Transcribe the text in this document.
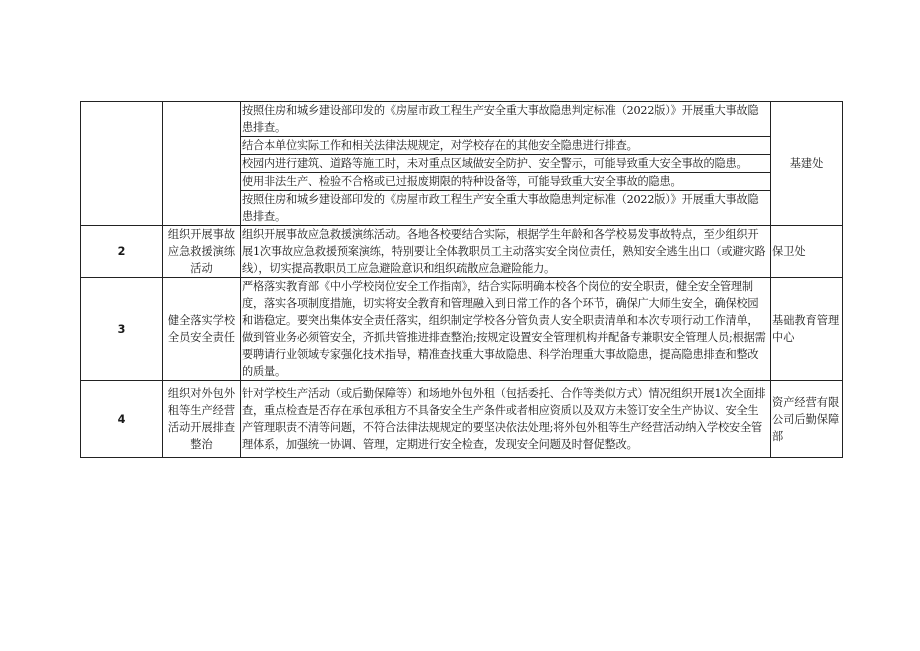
		按照住房和城乡建设部印发的《房屋市政工程生产安全重大事故隐患判定标准（2022版）》开展重大事故隐患排查。	基建处
		结合本单位实际工作和相关法律法规规定，对学校存在的其他安全隐患进行排查。	
		校园内进行建筑、道路等施工时，未对重点区域做安全防护、安全警示，可能导致重大安全事故的隐患。	
		使用非法生产、检验不合格或已过报废期限的特种设备等，可能导致重大安全事故的隐患。	
		按照住房和城乡建设部印发的《房屋市政工程生产安全重大事故隐患判定标准（2022版）》开展重大事故隐患排查。	
2	组织开展事故应急救援演练活动	组织开展事故应急救援演练活动。各地各校要结合实际，根据学生年龄和各学校易发事故特点，至少组织开展1次事故应急救援预案演练，特别要让全体教职员工主动落实安全岗位责任，熟知安全逃生出口（或避灾路线），切实提高教职员工应急避险意识和组织疏散应急避险能力。	保卫处
3	健全落实学校全员安全责任	严格落实教育部《中小学校岗位安全工作指南》，结合实际明确本校各个岗位的安全职责，健全安全管理制度，落实各项制度措施，切实将安全教育和管理融入到日常工作的各个环节，确保广大师生安全，确保校园和谐稳定。要突出集体安全责任落实，组织制定学校各分管负责人安全职责清单和本次专项行动工作清单，做到管业务必须管安全，齐抓共管推进排查整治;按规定设置安全管理机构并配备专兼职安全管理人员;根据需要聘请行业领域专家强化技术指导，精准查找重大事故隐患、科学治理重大事故隐患，提高隐患排查和整改的质量。	基础教育管理中心
4	组织对外包外租等生产经营活动开展排查整治	针对学校生产活动（或后勤保障等）和场地外包外租（包括委托、合作等类似方式）情况组织开展1次全面排查，重点检查是否存在承包承租方不具备安全生产条件或者相应资质以及双方未签订安全生产协议、安全生产管理职责不清等问题，不符合法律法规规定的要坚决依法处理;将外包外租等生产经营活动纳入学校安全管理体系，加强统一协调、管理，定期进行安全检查，发现安全问题及时督促整改。	资产经营有限公司后勤保障部
